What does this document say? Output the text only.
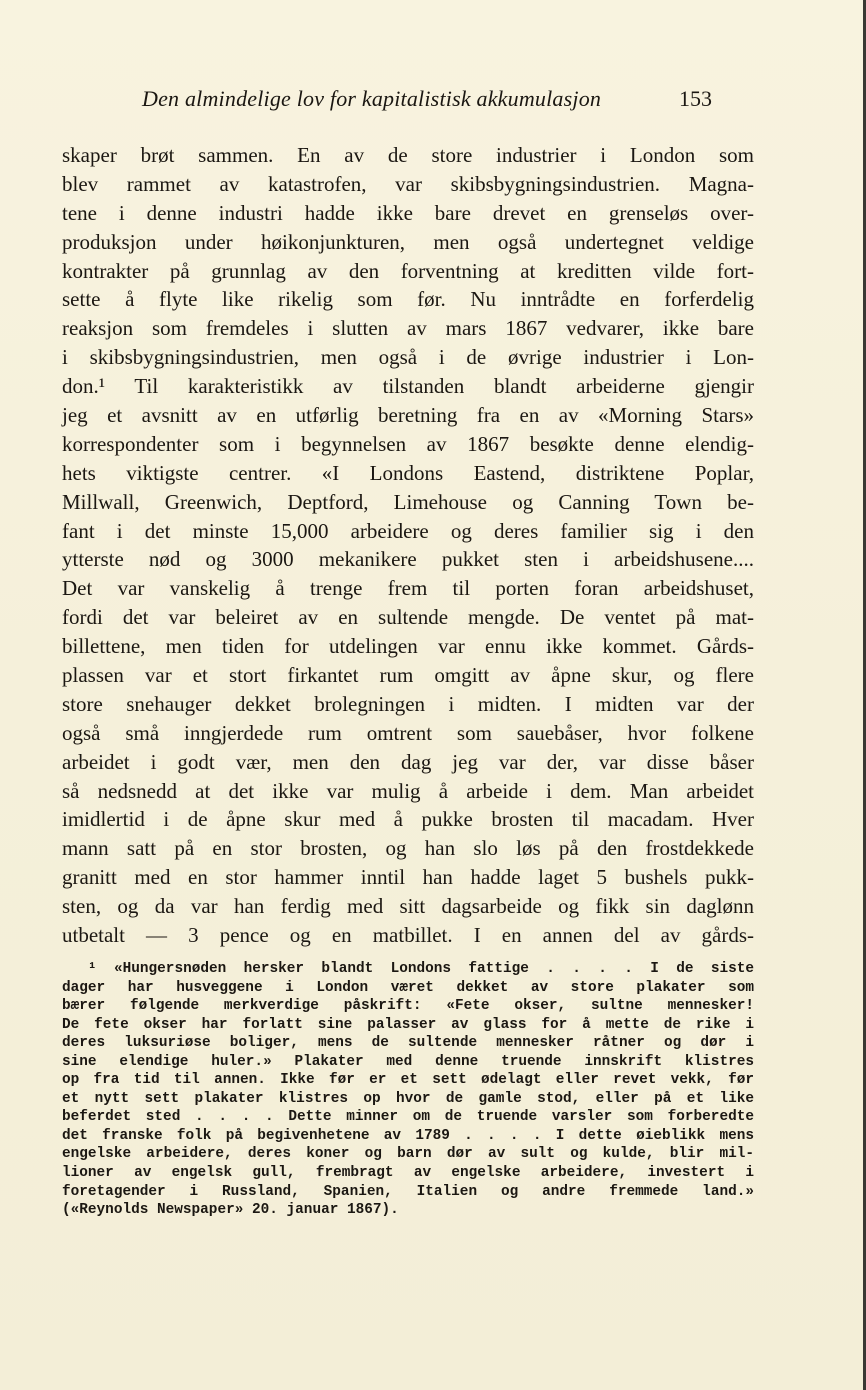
Den almindelige lov for kapitalistisk akkumulasjon	153
skaper brøt sammen. En av de store industrier i London som
blev rammet av katastrofen, var skibsbygningsindustrien. Magna-
tene i denne industri hadde ikke bare drevet en grenseløs over-
produksjon under høikonjunkturen, men også undertegnet veldige
kontrakter på grunnlag av den forventning at kreditten vilde fort-
sette å flyte like rikelig som før. Nu inntrådte en forferdelig
reaksjon som fremdeles i slutten av mars 1867 vedvarer, ikke bare
i skibsbygningsindustrien, men også i de øvrige industrier i Lon-
don.¹ Til karakteristikk av tilstanden blandt arbeiderne gjengir
jeg et avsnitt av en utførlig beretning fra en av «Morning Stars»
korrespondenter som i begynnelsen av 1867 besøkte denne elendig-
hets viktigste centrer. «I Londons Eastend, distriktene Poplar,
Millwall, Greenwich, Deptford, Limehouse og Canning Town be-
fant i det minste 15,000 arbeidere og deres familier sig i den
ytterste nød og 3000 mekanikere pukket sten i arbeidshusene....
Det var vanskelig å trenge frem til porten foran arbeidshuset,
fordi det var beleiret av en sultende mengde. De ventet på mat-
billettene, men tiden for utdelingen var ennu ikke kommet. Gårds-
plassen var et stort firkantet rum omgitt av åpne skur, og flere
store snehauger dekket brolegningen i midten. I midten var der
også små inngjerdede rum omtrent som sauebåser, hvor folkene
arbeidet i godt vær, men den dag jeg var der, var disse båser
så nedsnedd at det ikke var mulig å arbeide i dem. Man arbeidet
imidlertid i de åpne skur med å pukke brosten til macadam. Hver
mann satt på en stor brosten, og han slo løs på den frostdekkede
granitt med en stor hammer inntil han hadde laget 5 bushels pukk-
sten, og da var han ferdig med sitt dagsarbeide og fikk sin daglønn
utbetalt — 3 pence og en matbillet. I en annen del av gårds-
¹ «Hungersnøden hersker blandt Londons fattige . . . . I de siste
dager har husveggene i London været dekket av store plakater som
bærer følgende merkverdige påskrift: «Fete okser, sultne mennesker!
De fete okser har forlatt sine palasser av glass for å mette de rike i
deres luksuriøse boliger, mens de sultende mennesker råtner og dør i
sine elendige huler.» Plakater med denne truende innskrift klistres
op fra tid til annen. Ikke før er et sett ødelagt eller revet vekk, før
et nytt sett plakater klistres op hvor de gamle stod, eller på et like
beferdet sted . . . . Dette minner om de truende varsler som forberedte
det franske folk på begivenhetene av 1789 . . . . I dette øieblikk mens
engelske arbeidere, deres koner og barn dør av sult og kulde, blir mil-
lioner av engelsk gull, frembragt av engelske arbeidere, investert i
foretagender i Russland, Spanien, Italien og andre fremmede land.»
(«Reynolds Newspaper» 20. januar 1867).
